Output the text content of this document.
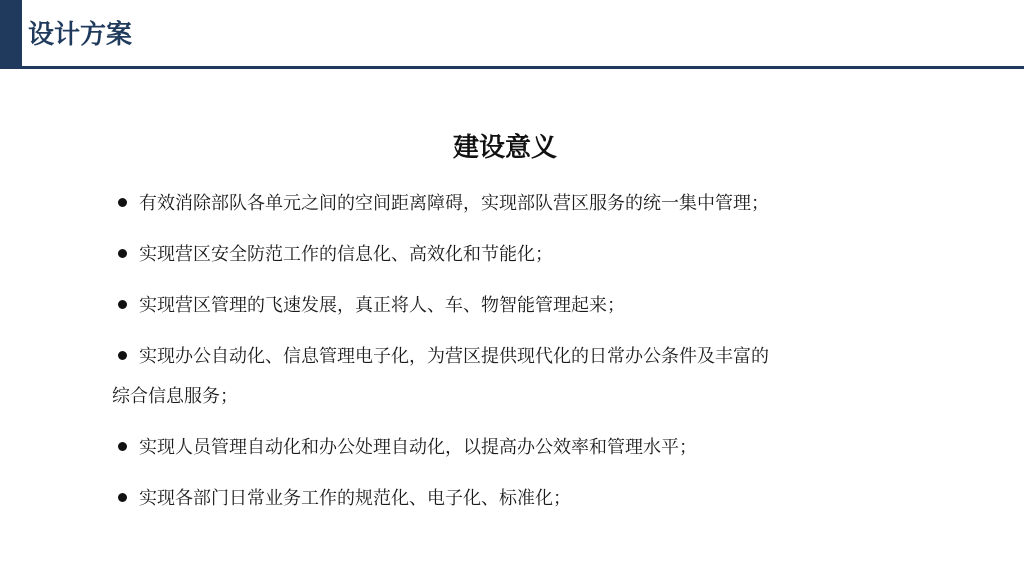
设计方案
建设意义
有效消除部队各单元之间的空间距离障碍，实现部队营区服务的统一集中管理；
实现营区安全防范工作的信息化、高效化和节能化；
实现营区管理的飞速发展，真正将人、车、物智能管理起来；
实现办公自动化、信息管理电子化，为营区提供现代化的日常办公条件及丰富的
综合信息服务；
实现人员管理自动化和办公处理自动化，以提高办公效率和管理水平；
实现各部门日常业务工作的规范化、电子化、标准化；
